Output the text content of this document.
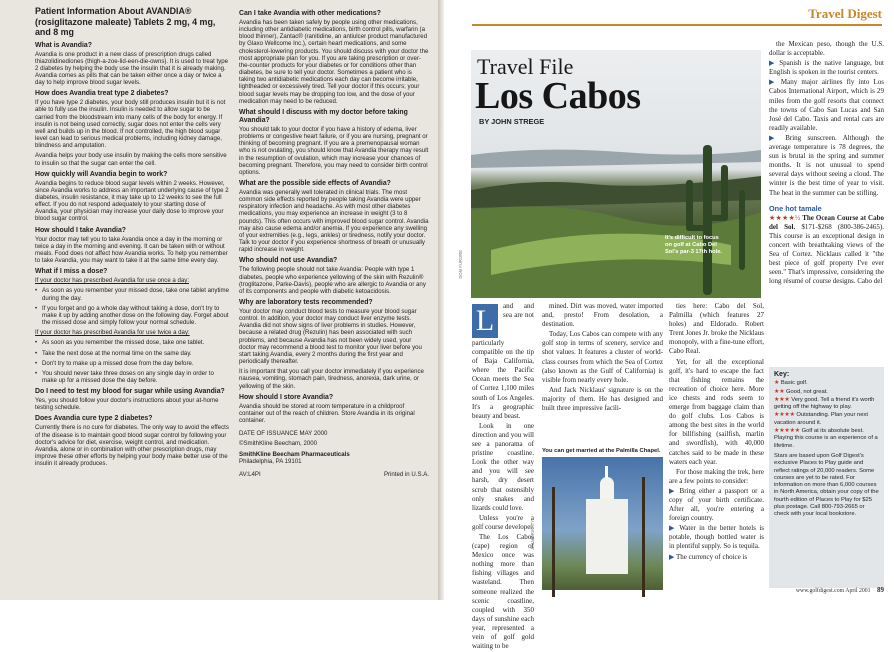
Patient Information About AVANDIA® (rosiglitazone maleate) Tablets 2 mg, 4 mg, and 8 mg
What is Avandia?

Avandia is one product in a new class of prescription drugs called thiazolidinediones (thigh-a-zoe-lid-een-die-owns). It is used to treat type 2 diabetes by helping the body use the insulin that it is already making. Avandia comes as pills that can be taken either once a day or twice a day to help improve blood sugar levels.

How does Avandia treat type 2 diabetes?

If you have type 2 diabetes, your body still produces insulin but it is not able to fully use the insulin. Insulin is needed to allow sugar to be carried from the bloodstream into many cells of the body for energy. If insulin is not being used correctly, sugar does not enter the cells very well and builds up in the blood. If not controlled, the high blood sugar level can lead to serious medical problems, including kidney damage, blindness and amputation.

Avandia helps your body use insulin by making the cells more sensitive to insulin so that the sugar can enter the cell.

How quickly will Avandia begin to work?

Avandia begins to reduce blood sugar levels within 2 weeks. However, since Avandia works to address an important underlying cause of type 2 diabetes, insulin resistance, it may take up to 12 weeks to see the full effect. If you do not respond adequately to your starting dose of Avandia, your physician may increase your daily dose to improve your blood sugar control.

How should I take Avandia?

Your doctor may tell you to take Avandia once a day in the morning or twice a day in the morning and evening. It can be taken with or without meals. Food does not affect how Avandia works. To help you remember to take Avandia, you may want to take it at the same time every day.

What if I miss a dose?

If your doctor has prescribed Avandia for use once a day:

• As soon as you remember your missed dose, take one tablet anytime during the day.
• If you forget and go a whole day without taking a dose, don't try to make it up by adding another dose on the following day. Forget about the missed dose and simply follow your normal schedule.

If your doctor has prescribed Avandia for use twice a day:

• As soon as you remember the missed dose, take one tablet.
• Take the next dose at the normal time on the same day.
• Don't try to make up a missed dose from the day before.
• You should never take three doses on any single day in order to make up for a missed dose the day before.
Do I need to test my blood for sugar while using Avandia?

Yes, you should follow your doctor's instructions about your at-home testing schedule.

Does Avandia cure type 2 diabetes?

Currently there is no cure for diabetes. The only way to avoid the effects of the disease is to maintain good blood sugar control by following your doctor's advice for diet, exercise, weight control, and medication. Avandia, alone or in combination with other prescription drugs, may improve these other efforts by helping your body make better use of the insulin it already produces.

Can I take Avandia with other medications?

Avandia has been taken safely by people using other medications, including other antidiabetic medications, birth control pills, warfarin (a blood thinner), Zantac® (ranitidine, an antiulcer product manufactured by Glaxo Wellcome Inc.), certain heart medications, and some cholesterol-lowering products. You should discuss with your doctor the most appropriate plan for you. If you are taking prescription or over-the-counter products for your diabetes or for conditions other than diabetes, be sure to tell your doctor. Sometimes a patient who is taking two antidiabetic medications each day can become irritable, lightheaded or excessively tired. Tell your doctor if this occurs; your blood sugar levels may be dropping too low, and the dose of your medication may need to be reduced.

What should I discuss with my doctor before taking Avandia?

You should talk to your doctor if you have a history of edema, liver problems or congestive heart failure, or if you are nursing, pregnant or thinking of becoming pregnant. If you are a premenopausal woman who is not ovulating, you should know that Avandia therapy may result in the resumption of ovulation, which may increase your chances of becoming pregnant. Therefore, you may need to consider birth control options.

What are the possible side effects of Avandia?

Avandia was generally well tolerated in clinical trials. The most common side effects reported by people taking Avandia were upper respiratory infection and headache. As with most other diabetes medications, you may experience an increase in weight (3 to 8 pounds). This often occurs with improved blood sugar control. Avandia may also cause edema and/or anemia. If you experience any swelling of your extremities (e.g., legs, ankles) or tiredness, notify your doctor. Talk to your doctor if you experience shortness of breath or unusually rapid increase in weight.

Who should not use Avandia?

The following people should not take Avandia: People with type 1 diabetes, people who experience yellowing of the skin with Rezulin® (troglitazone, Parke-Davis), people who are allergic to Avandia or any of its components and people with diabetic ketoacidosis.

Why are laboratory tests recommended?

Your doctor may conduct blood tests to measure your blood sugar control. In addition, your doctor may conduct liver enzyme tests. Avandia did not show signs of liver problems in studies. However, because a related drug (Rezulin) has been associated with such problems, and because Avandia has not been widely used, your doctor may recommend a blood test to monitor your liver before you start taking Avandia, every 2 months during the first year and periodically thereafter.

It is important that you call your doctor immediately if you experience nausea, vomiting, stomach pain, tiredness, anorexia, dark urine, or yellowing of the skin.

How should I store Avandia?

Avandia should be stored at room temperature in a childproof container out of the reach of children. Store Avandia in its original container.

DATE OF ISSUANCE MAY 2000

©SmithKline Beecham, 2000

SmithKline Beecham Pharmaceuticals

Philadelphia, PA 19101

AV:L4PI	Printed in U.S.A.
Travel Digest
Travel File
Los Cabos
BY JOHN STREGE
It's difficult to focus on golf at Cabo Del Sol's par-3 17th hole.
DOM FURORE
L	and and sea are not particularly compatible on the tip of Baja California, where the Pacific Ocean meets the Sea of Cortez 1,100 miles south of Los Angeles. It's a geographic beauty and beast.

Look in one direction and you will see a panorama of pristine coastline. Look the other way and you will see harsh, dry desert scrub that ostensibly only snakes and lizards could love.

Unless you're a golf course developer.

The Los Cabos (cape) region of Mexico once was nothing more than fishing villages and wasteland. Then someone realized the scenic coastline, coupled with 350 days of sunshine each year, represented a vein of golf gold waiting to be

mined. Dirt was moved, water imported and, presto! From desolation, a destination.

Today, Los Cabos can compete with any golf stop in terms of scenery, service and shot values. It features a cluster of world-class courses from which the Sea of Cortez (also known as the Gulf of California) is visible from nearly every hole.

And Jack Nicklaus' signature is on the majority of them. He has designed and built three impressive facili-

You can get married at the Palmilla Chapel.
JIM MORIARTY

ties here: Cabo del Sol, Palmilla (which features 27 holes) and Eldorado. Robert Trent Jones Jr. broke the Nicklaus monopoly, with a fine-tune effort, Cabo Real.

Yet, for all the exceptional golf, it's hard to escape the fact that fishing remains the recreation of choice here. More ice chests and rods seem to emerge from baggage claim than do golf clubs. Los Cabos is among the best sites in the world for billfishing (sailfish, marlin and swordfish), with 40,000 catches said to be made in these waters each year.

For those making the trek, here are a few points to consider:

▶ Bring either a passport or a copy of your birth certificate. After all, you're entering a foreign country.

▶ Water in the better hotels is potable, though bottled water is in plentiful supply. So is tequila.

▶ The currency of choice is

the Mexican peso, though the U.S. dollar is acceptable.

▶ Spanish is the native language, but English is spoken in the tourist centers.

▶ Many major airlines fly into Los Cabos International Airport, which is 29 miles from the golf resorts that connect the towns of Cabo San Lucas and San José del Cabo. Taxis and rental cars are readily available.

▶ Bring sunscreen. Although the average temperature is 78 degrees, the sun is brutal in the spring and summer months. It is not unusual to spend several days without seeing a cloud. The winter is the best time of year to visit. The heat in the summer can be stifling.

One hot tamale

★★★★½ The Ocean Course at Cabo del Sol. $171-$268 (800-386-2465). This course is an exceptional design in concert with breathtaking views of the Sea of Cortez. Nicklaus called it "the best piece of golf property I've ever seen." That's impressive, considering the long résumé of course designs. Cabo del

Key:

★ Basic golf.

★★ Good, not great.

★★★ Very good. Tell a friend it's worth getting off the highway to play.

★★★★ Outstanding. Plan your next vacation around it.

★★★★★ Golf at its absolute best. Playing this course is an experience of a lifetime.

Stars are based upon Golf Digest's exclusive Places to Play guide and reflect ratings of 20,000 readers. Some courses are yet to be rated. For information on more than 6,000 courses in North America, obtain your copy of the fourth edition of Places to Play for $25 plus postage. Call 800-793-2665 or check with your local bookstore.

www.golfdigest.com April 2001 89
